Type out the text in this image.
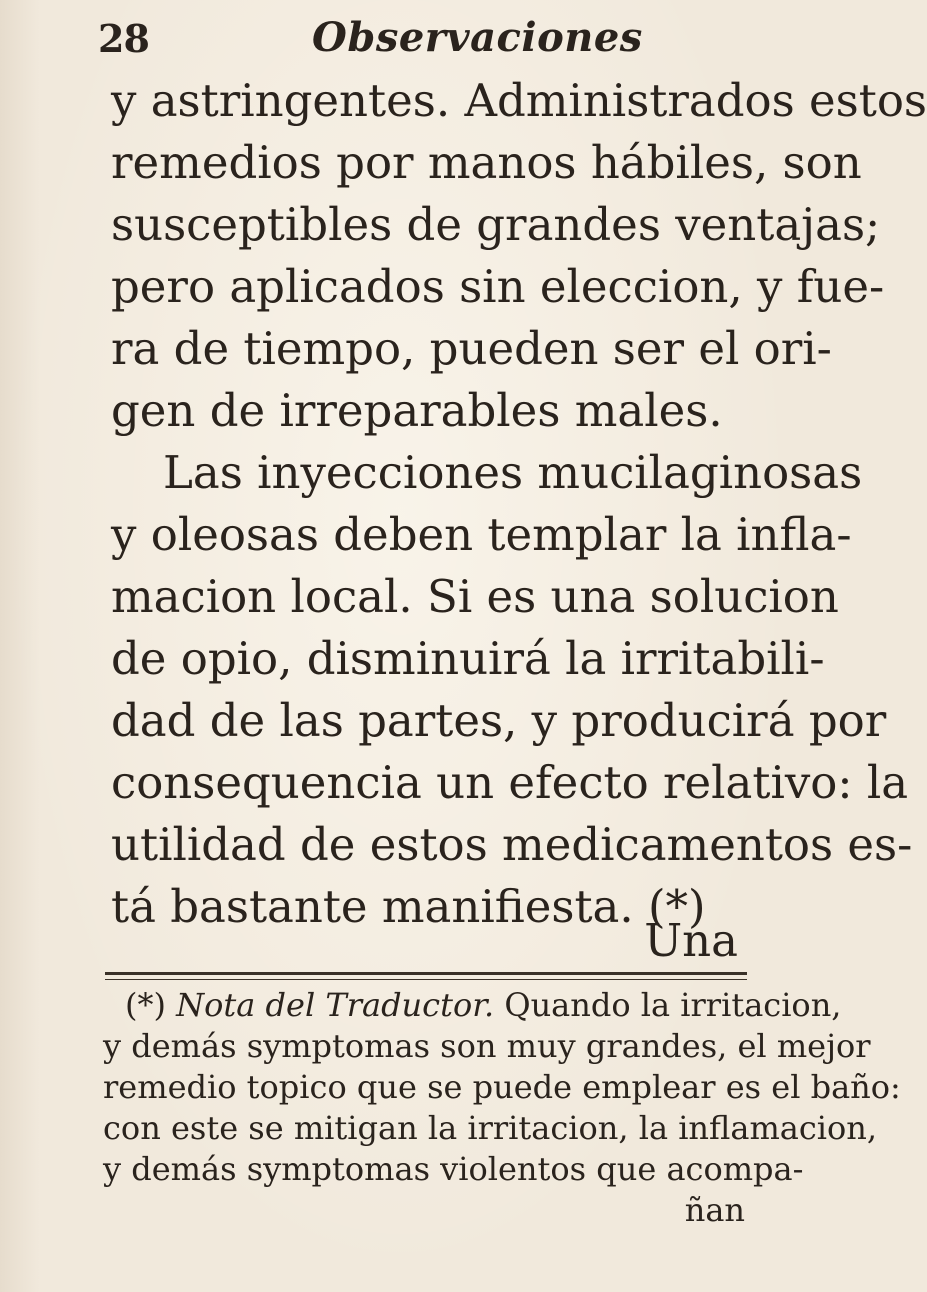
28	Observaciones
y astringentes. Administrados estos
remedios por manos hábiles, son
susceptibles de grandes ventajas;
pero aplicados sin eleccion, y fue-
ra de tiempo, pueden ser el ori-
gen de irreparables males.
Las inyecciones mucilaginosas
y oleosas deben templar la infla-
macion local. Si es una solucion
de opio, disminuirá la irritabili-
dad de las partes, y producirá por
consequencia un efecto relativo: la
utilidad de estos medicamentos es-
tá bastante manifiesta. (*)
Una
(*) Nota del Traductor. Quando la irritacion,
y demás symptomas son muy grandes, el mejor
remedio topico que se puede emplear es el baño:
con este se mitigan la irritacion, la inflamacion,
y demás symptomas violentos que acompa-
ñan
